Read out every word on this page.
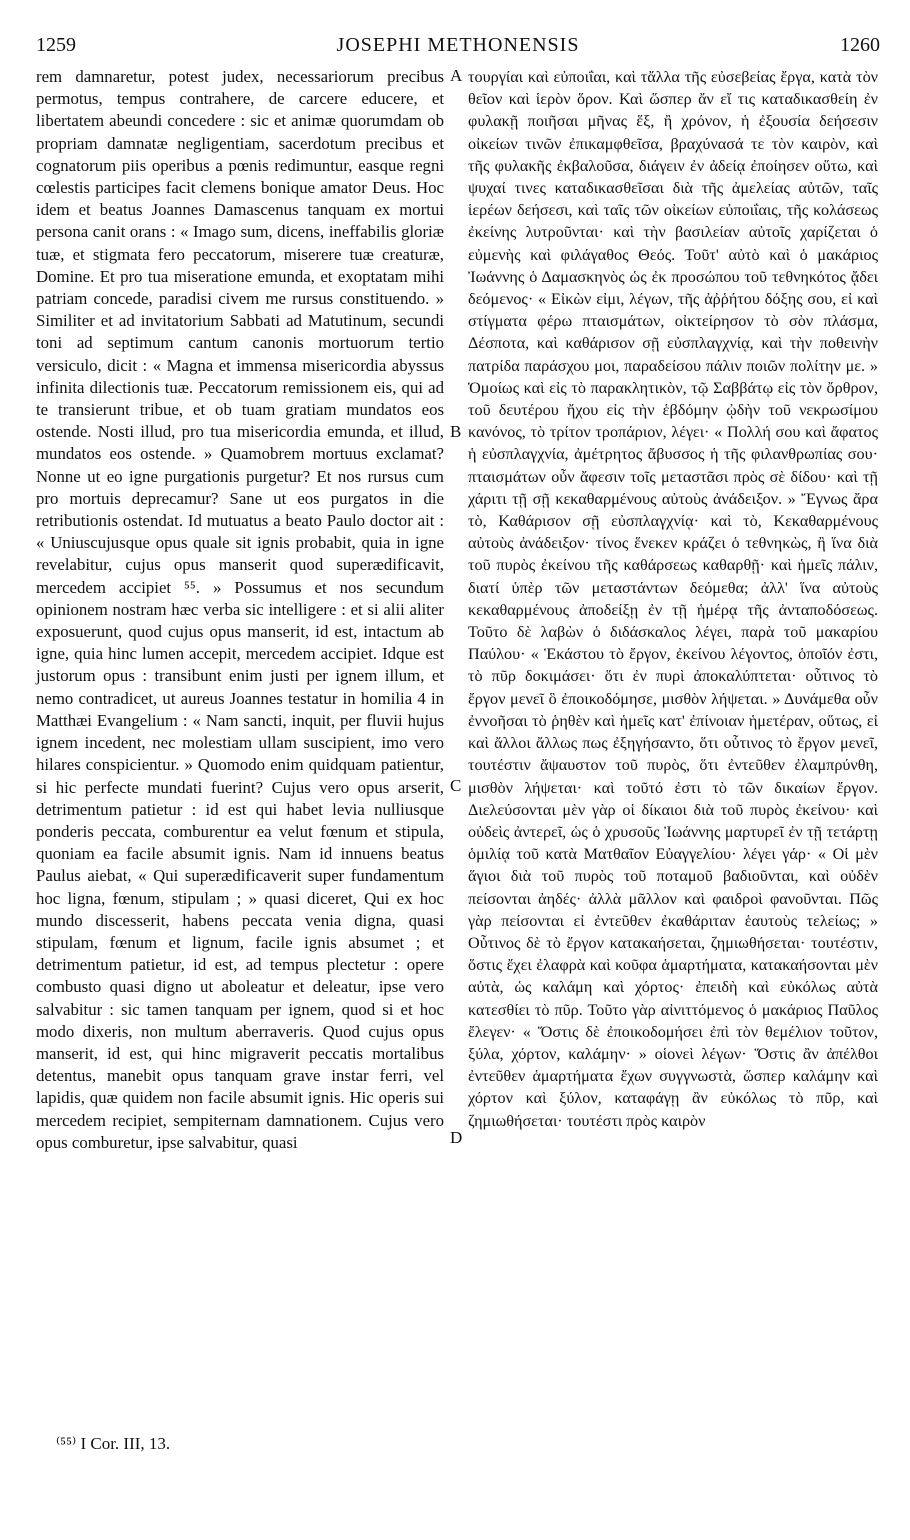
1259	JOSEPHI METHONENSIS	1260

rem damnaretur, potest judex, necessariorum precibus permotus, tempus contrahere, de carcere educere, et libertatem abeundi concedere : sic et animæ quorumdam ob propriam damnatæ negligentiam, sacerdotum precibus et cognatorum piis operibus a pœnis redimuntur, easque regni cœlestis participes facit clemens bonique amator Deus. Hoc idem et beatus Joannes Damascenus tanquam ex mortui persona canit orans : « Imago sum, dicens, ineffabilis gloriæ tuæ, et stigmata fero peccatorum, miserere tuæ creaturæ, Domine. Et pro tua miseratione emunda, et exoptatam mihi patriam concede, paradisi civem me rursus constituendo. » Similiter et ad invitatorium Sabbati ad Matutinum, secundi toni ad septimum cantum canonis mortuorum tertio versiculo, dicit : « Magna et immensa misericordia abyssus infinita dilectionis tuæ. Peccatorum remissionem eis, qui ad te transierunt tribue, et ob tuam gratiam mundatos eos ostende. Nosti illud, pro tua misericordia emunda, et illud, mundatos eos ostende. » Quamobrem mortuus exclamat? Nonne ut eo igne purgationis purgetur? Et nos rursus cum pro mortuis deprecamur? Sane ut eos purgatos in die retributionis ostendat. Id mutuatus a beato Paulo doctor ait : « Uniuscujusque opus quale sit ignis probabit, quia in igne revelabitur, cujus opus manserit quod superædificavit, mercedem accipiet ⁵⁵. » Possumus et nos secundum opinionem nostram hæc verba sic intelligere : et si alii aliter exposuerunt, quod cujus opus manserit, id est, intactum ab igne, quia hinc lumen accepit, mercedem accipiet. Idque est justorum opus : transibunt enim justi per ignem illum, et nemo contradicet, ut aureus Joannes testatur in homilia 4 in Matthæi Evangelium : « Nam sancti, inquit, per fluvii hujus ignem incedent, nec molestiam ullam suscipient, imo vero hilares conspicientur. » Quomodo enim quidquam patientur, si hic perfecte mundati fuerint? Cujus vero opus arserit, detrimentum patietur : id est qui habet levia nulliusque ponderis peccata, comburentur ea velut fœnum et stipula, quoniam ea facile absumit ignis. Nam id innuens beatus Paulus aiebat, « Qui superædificaverit super fundamentum hoc ligna, fœnum, stipulam ; » quasi diceret, Qui ex hoc mundo discesserit, habens peccata venia digna, quasi stipulam, fœnum et lignum, facile ignis absumet ; et detrimentum patietur, id est, ad tempus plectetur : opere combusto quasi digno ut aboleatur et deleatur, ipse vero salvabitur : sic tamen tanquam per ignem, quod si et hoc modo dixeris, non multum aberraveris. Quod cujus opus manserit, id est, qui hinc migraverit peccatis mortalibus detentus, manebit opus tanquam grave instar ferri, vel lapidis, quæ quidem non facile absumit ignis. Hic operis sui mercedem recipiet, sempiternam damnationem. Cujus vero opus comburetur, ipse salvabitur, quasi

A
B
C
D

τουργίαι καὶ εὐποιΐαι, καὶ τἄλλα τῆς εὐσεβείας ἔργα, κατὰ τὸν θεῖον καὶ ἱερὸν ὅρον. Καὶ ὥσπερ ἄν εἴ τις καταδικασθείη ἐν φυλακῇ ποιῆσαι μῆνας ἕξ, ἢ χρόνον, ἡ ἐξουσία δεήσεσιν οἰκείων τινῶν ἐπικαμφθεῖσα, βραχύνασά τε τὸν καιρὸν, καὶ τῆς φυλακῆς ἐκβαλοῦσα, διάγειν ἐν ἀδείᾳ ἐποίησεν οὕτω, καὶ ψυχαί τινες καταδικασθεῖσαι διὰ τῆς ἀμελείας αὐτῶν, ταῖς ἱερέων δεήσεσι, καὶ ταῖς τῶν οἰκείων εὐποιΐαις, τῆς κολάσεως ἐκείνης λυτροῦνται· καὶ τὴν βασιλείαν αὐτοῖς χαρίζεται ὁ εὐμενὴς καὶ φιλάγαθος Θεός. Τοῦτ' αὐτὸ καὶ ὁ μακάριος Ἰωάννης ὁ Δαμασκηνὸς ὡς ἐκ προσώπου τοῦ τεθνηκότος ᾄδει δεόμενος· « Εἰκὼν εἰμι, λέγων, τῆς ἀῤῥήτου δόξης σου, εἰ καὶ στίγματα φέρω πταισμάτων, οἰκτείρησον τὸ σὸν πλάσμα, Δέσποτα, καὶ καθάρισον σῇ εὐσπλαγχνίᾳ, καὶ τὴν ποθεινὴν πατρίδα παράσχου μοι, παραδείσου πάλιν ποιῶν πολίτην με. » Ὁμοίως καὶ εἰς τὸ παρακλητικὸν, τῷ Σαββάτῳ εἰς τὸν ὄρθρον, τοῦ δευτέρου ἤχου εἰς τὴν ἑβδόμην ᾠδὴν τοῦ νεκρωσίμου κανόνος, τὸ τρίτον τροπάριον, λέγει· « Πολλή σου καὶ ἄφατος ἡ εὐσπλαγχνία, ἀμέτρητος ἄβυσσος ἡ τῆς φιλανθρωπίας σου· πταισμάτων οὖν ἄφεσιν τοῖς μεταστᾶσι πρὸς σὲ δίδου· καὶ τῇ χάριτι τῇ σῇ κεκαθαρμένους αὐτοὺς ἀνάδειξον. » Ἔγνως ἄρα τὸ, Καθάρισον σῇ εὐσπλαγχνίᾳ· καὶ τὸ, Κεκαθαρμένους αὐτοὺς ἀνάδειξον· τίνος ἕνεκεν κράζει ὁ τεθνηκὼς, ἢ ἵνα διὰ τοῦ πυρὸς ἐκείνου τῆς καθάρσεως καθαρθῇ· καὶ ἡμεῖς πάλιν, διατί ὑπὲρ τῶν μεταστάντων δεόμεθα; ἀλλ' ἵνα αὐτοὺς κεκαθαρμένους ἀποδείξῃ ἐν τῇ ἡμέρᾳ τῆς ἀνταποδόσεως. Τοῦτο δὲ λαβὼν ὁ διδάσκαλος λέγει, παρὰ τοῦ μακαρίου Παύλου· « Ἑκάστου τὸ ἔργον, ἐκείνου λέγοντος, ὁποῖόν ἐστι, τὸ πῦρ δοκιμάσει· ὅτι ἐν πυρὶ ἀποκαλύπτεται· οὗτινος τὸ ἔργον μενεῖ ὃ ἐποικοδόμησε, μισθὸν λήψεται. » Δυνάμεθα οὖν ἐννοῆσαι τὸ ῥηθὲν καὶ ἡμεῖς κατ' ἐπίνοιαν ἡμετέραν, οὕτως, εἰ καὶ ἄλλοι ἄλλως πως ἐξηγήσαντο, ὅτι οὗτινος τὸ ἔργον μενεῖ, τουτέστιν ἄψαυστον τοῦ πυρὸς, ὅτι ἐντεῦθεν ἐλαμπρύνθη, μισθὸν λήψεται· καὶ τοῦτό ἐστι τὸ τῶν δικαίων ἔργον. Διελεύσονται μὲν γὰρ οἱ δίκαιοι διὰ τοῦ πυρὸς ἐκείνου· καὶ οὐδεὶς ἀντερεῖ, ὡς ὁ χρυσοῦς Ἰωάννης μαρτυρεῖ ἐν τῇ τετάρτῃ ὁμιλίᾳ τοῦ κατὰ Ματθαῖον Εὐαγγελίου· λέγει γάρ· « Οἱ μὲν ἅγιοι διὰ τοῦ πυρὸς τοῦ ποταμοῦ βαδιοῦνται, καὶ οὐδὲν πείσονται ἀηδές· ἀλλὰ μᾶλλον καὶ φαιδροὶ φανοῦνται. Πῶς γὰρ πείσονται εἰ ἐντεῦθεν ἐκαθάριταν ἑαυτοὺς τελείως; » Οὗτινος δὲ τὸ ἔργον κατακαήσεται, ζημιωθήσεται· τουτέστιν, ὅστις ἔχει ἐλαφρὰ καὶ κοῦφα ἁμαρτήματα, κατακαήσονται μὲν αὐτὰ, ὡς καλάμη καὶ χόρτος· ἐπειδὴ καὶ εὐκόλως αὐτὰ κατεσθίει τὸ πῦρ. Τοῦτο γὰρ αἰνιττόμενος ὁ μακάριος Παῦλος ἔλεγεν· « Ὅστις δὲ ἐποικοδομήσει ἐπὶ τὸν θεμέλιον τοῦτον, ξύλα, χόρτον, καλάμην· » οἱονεὶ λέγων· Ὅστις ἂν ἀπέλθοι ἐντεῦθεν ἁμαρτήματα ἔχων συγγνωστὰ, ὥσπερ καλάμην καὶ χόρτον καὶ ξύλον, καταφάγῃ ἂν εὐκόλως τὸ πῦρ, καὶ ζημιωθήσεται· τουτέστι πρὸς καιρὸν

⁽⁵⁵⁾ I Cor. III, 13.
